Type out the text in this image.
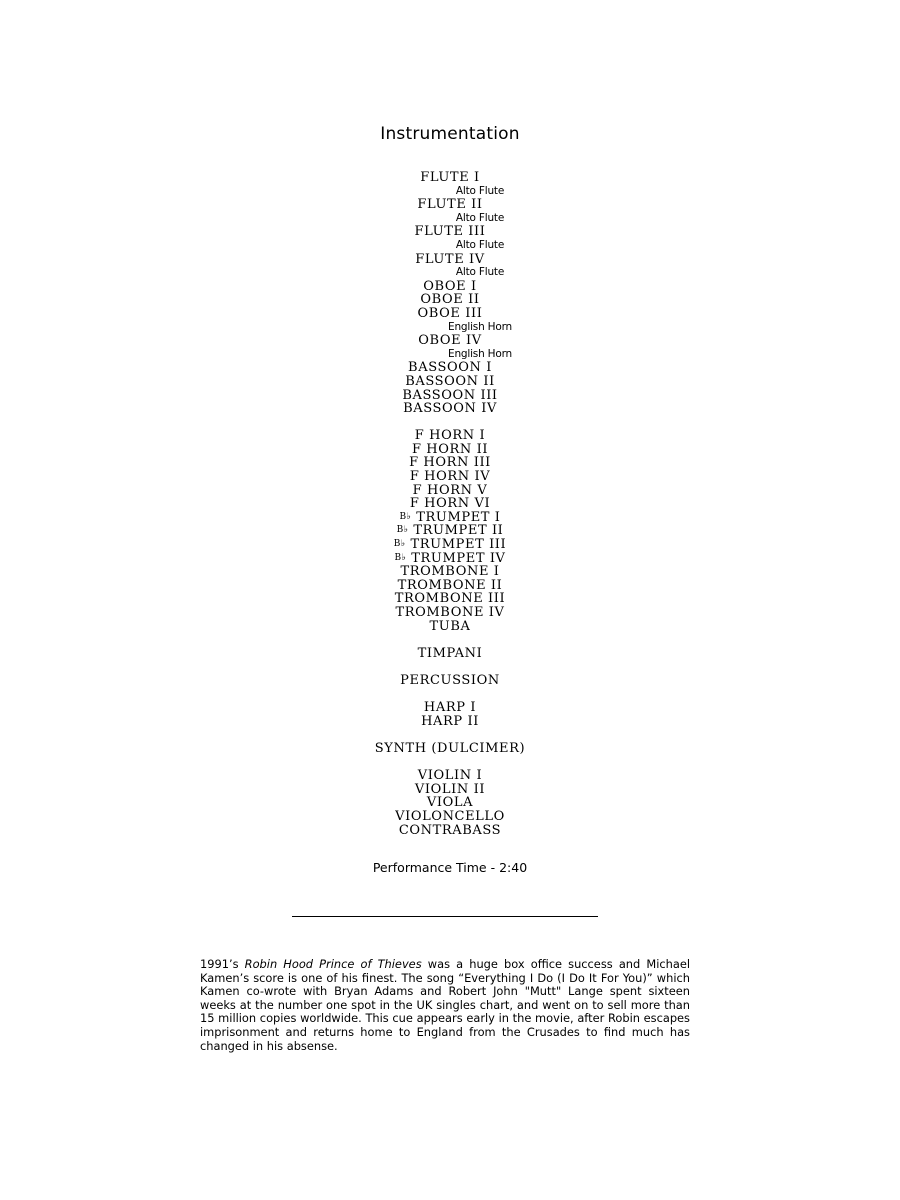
Instrumentation
FLUTE I
Alto Flute
FLUTE II
Alto Flute
FLUTE III
Alto Flute
FLUTE IV
Alto Flute
OBOE I
OBOE II
OBOE III
English Horn
OBOE IV
English Horn
BASSOON I
BASSOON II
BASSOON III
BASSOON IV
F HORN I
F HORN II
F HORN III
F HORN IV
F HORN V
F HORN VI
B♭ TRUMPET I
B♭ TRUMPET II
B♭ TRUMPET III
B♭ TRUMPET IV
TROMBONE I
TROMBONE II
TROMBONE III
TROMBONE IV
TUBA
TIMPANI
PERCUSSION
HARP I
HARP II
SYNTH (DULCIMER)
VIOLIN I
VIOLIN II
VIOLA
VIOLONCELLO
CONTRABASS
Performance Time - 2:40

1991’s Robin Hood Prince of Thieves was a huge box office success and Michael Kamen’s score is one of his finest. The song “Everything I Do (I Do It For You)” which Kamen co-wrote with Bryan Adams and Robert John "Mutt" Lange spent sixteen weeks at the number one spot in the UK singles chart, and went on to sell more than 15 million copies worldwide. This cue appears early in the movie, after Robin escapes imprisonment and returns home to England from the Crusades to find much has changed in his absense.
